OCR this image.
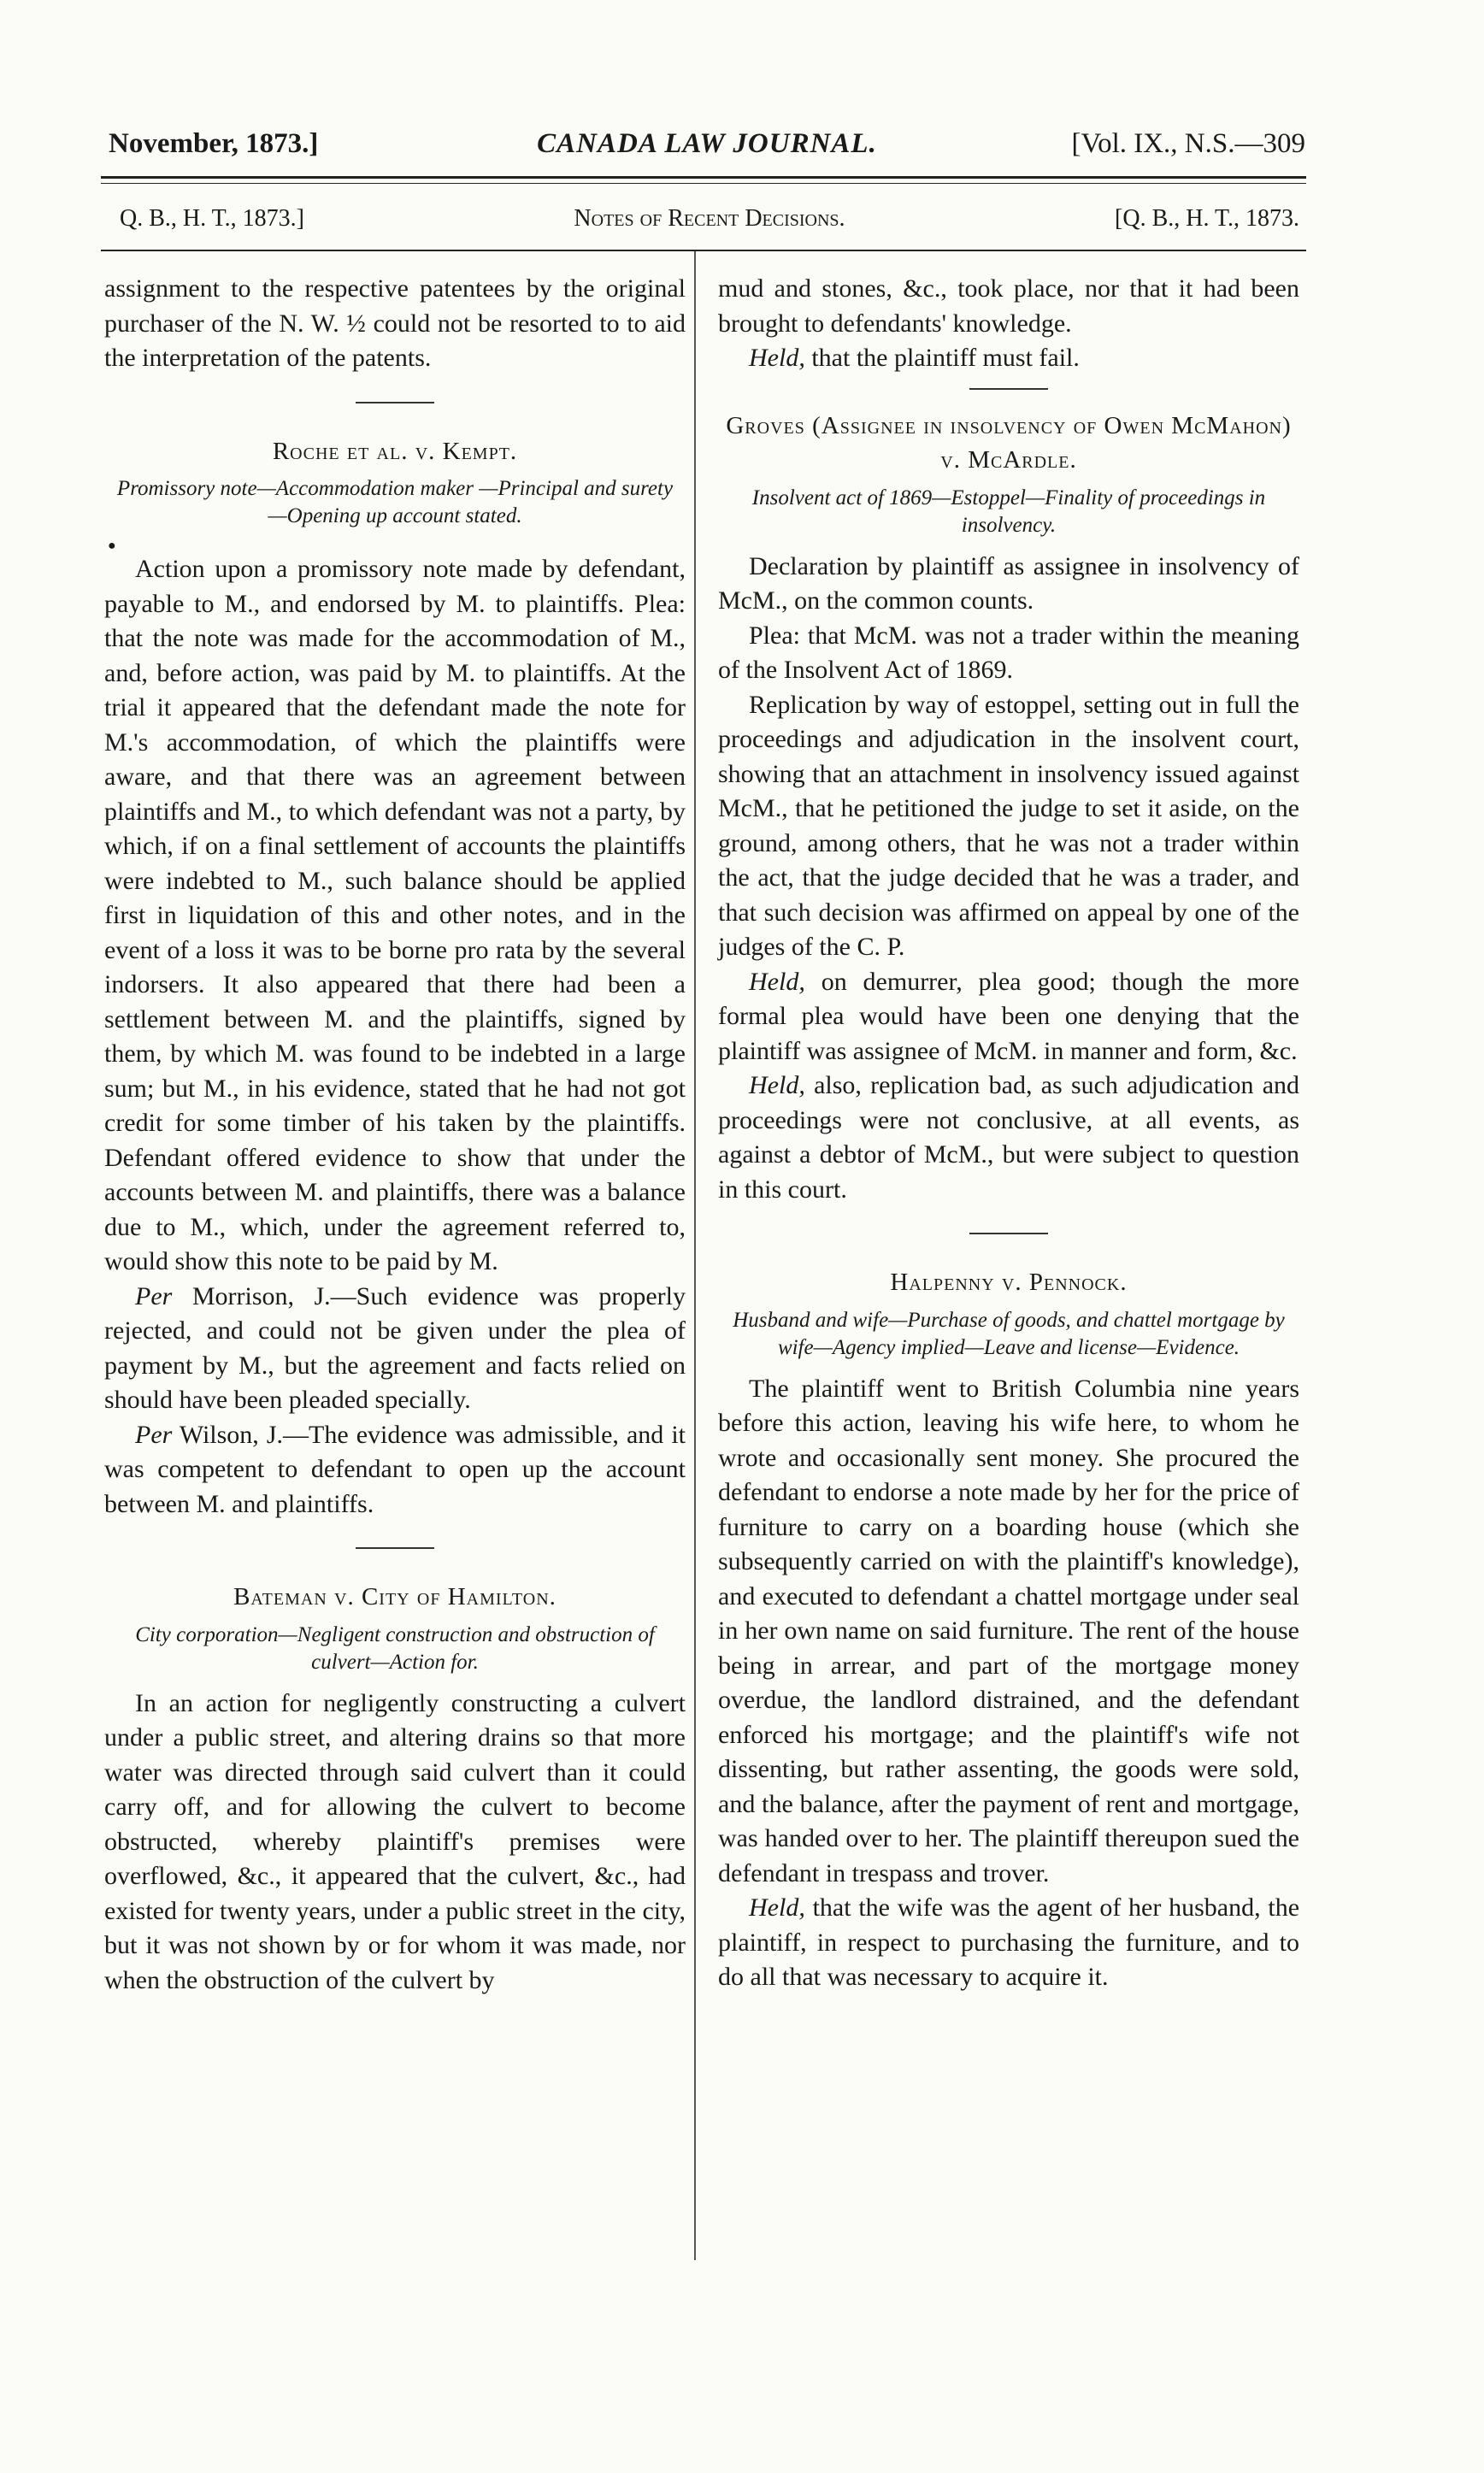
November, 1873.]	CANADA LAW JOURNAL.	[Vol. IX., N.S.—309
Q. B., H. T., 1873.]	Notes of Recent Decisions.	[Q. B., H. T., 1873.

assignment to the respective patentees by the original purchaser of the N. W. ½ could not be resorted to to aid the interpretation of the patents.

Roche et al. v. Kempt.
Promissory note—Accommodation maker —Principal and surety —Opening up account stated.
●

Action upon a promissory note made by defendant, payable to M., and endorsed by M. to plaintiffs. Plea: that the note was made for the accommodation of M., and, before action, was paid by M. to plaintiffs. At the trial it appeared that the defendant made the note for M.'s accommodation, of which the plaintiffs were aware, and that there was an agreement between plaintiffs and M., to which defendant was not a party, by which, if on a final settlement of accounts the plaintiffs were indebted to M., such balance should be applied first in liquidation of this and other notes, and in the event of a loss it was to be borne pro rata by the several indorsers. It also appeared that there had been a settlement between M. and the plaintiffs, signed by them, by which M. was found to be indebted in a large sum; but M., in his evidence, stated that he had not got credit for some timber of his taken by the plaintiffs. Defendant offered evidence to show that under the accounts between M. and plaintiffs, there was a balance due to M., which, under the agreement referred to, would show this note to be paid by M.

Per Morrison, J.—Such evidence was properly rejected, and could not be given under the plea of payment by M., but the agreement and facts relied on should have been pleaded specially.

Per Wilson, J.—The evidence was admissible, and it was competent to defendant to open up the account between M. and plaintiffs.

Bateman v. City of Hamilton.
City corporation—Negligent construction and obstruction of culvert—Action for.

In an action for negligently constructing a culvert under a public street, and altering drains so that more water was directed through said culvert than it could carry off, and for allowing the culvert to become obstructed, whereby plaintiff's premises were overflowed, &c., it appeared that the culvert, &c., had existed for twenty years, under a public street in the city, but it was not shown by or for whom it was made, nor when the obstruction of the culvert by

mud and stones, &c., took place, nor that it had been brought to defendants' knowledge.

Held, that the plaintiff must fail.

Groves (Assignee in insolvency of Owen McMahon) v. McArdle.
Insolvent act of 1869—Estoppel—Finality of proceedings in insolvency.

Declaration by plaintiff as assignee in insolvency of McM., on the common counts.

Plea: that McM. was not a trader within the meaning of the Insolvent Act of 1869.

Replication by way of estoppel, setting out in full the proceedings and adjudication in the insolvent court, showing that an attachment in insolvency issued against McM., that he petitioned the judge to set it aside, on the ground, among others, that he was not a trader within the act, that the judge decided that he was a trader, and that such decision was affirmed on appeal by one of the judges of the C. P.

Held, on demurrer, plea good; though the more formal plea would have been one denying that the plaintiff was assignee of McM. in manner and form, &c.

Held, also, replication bad, as such adjudication and proceedings were not conclusive, at all events, as against a debtor of McM., but were subject to question in this court.

Halpenny v. Pennock.
Husband and wife—Purchase of goods, and chattel mortgage by wife—Agency implied—Leave and license—Evidence.

The plaintiff went to British Columbia nine years before this action, leaving his wife here, to whom he wrote and occasionally sent money. She procured the defendant to endorse a note made by her for the price of furniture to carry on a boarding house (which she subsequently carried on with the plaintiff's knowledge), and executed to defendant a chattel mortgage under seal in her own name on said furniture. The rent of the house being in arrear, and part of the mortgage money overdue, the landlord distrained, and the defendant enforced his mortgage; and the plaintiff's wife not dissenting, but rather assenting, the goods were sold, and the balance, after the payment of rent and mortgage, was handed over to her. The plaintiff thereupon sued the defendant in trespass and trover.

Held, that the wife was the agent of her husband, the plaintiff, in respect to purchasing the furniture, and to do all that was necessary to acquire it.
